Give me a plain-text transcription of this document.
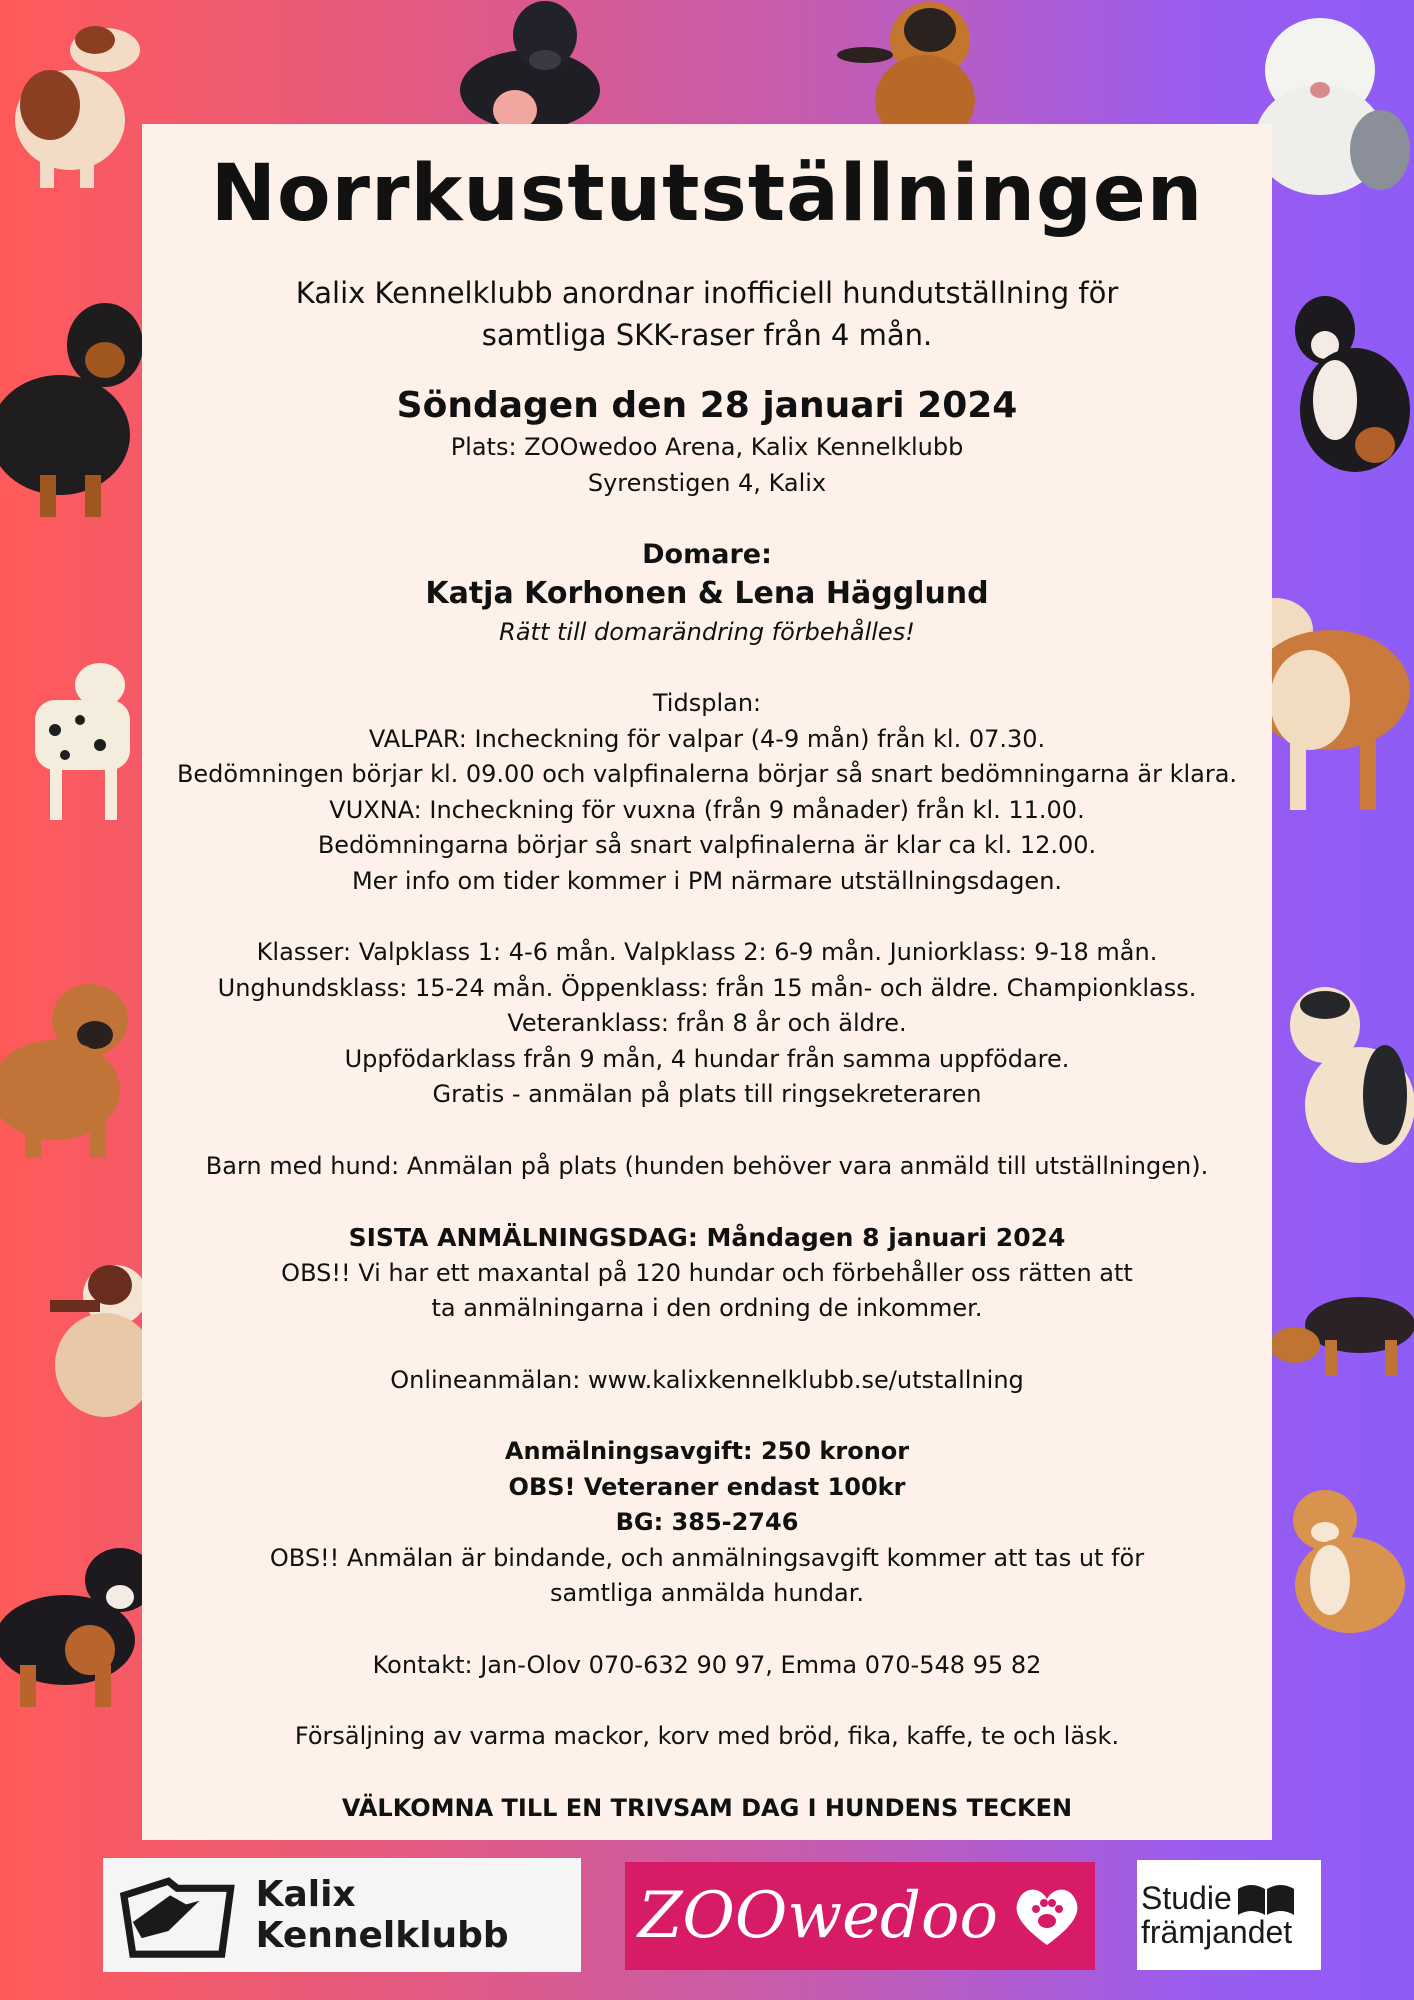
Norrkustutställningen
Kalix Kennelklubb anordnar inofficiell hundutställning för
samtliga SKK-raser från 4 mån.
Söndagen den 28 januari 2024
Plats: ZOOwedoo Arena, Kalix Kennelklubb
Syrenstigen 4, Kalix
Domare:
Katja Korhonen & Lena Hägglund
Rätt till domarändring förbehålles!
Tidsplan:
VALPAR: Incheckning för valpar (4-9 mån) från kl. 07.30.
Bedömningen börjar kl. 09.00 och valpfinalerna börjar så snart bedömningarna är klara.
VUXNA: Incheckning för vuxna (från 9 månader) från kl. 11.00.
Bedömningarna börjar så snart valpfinalerna är klar ca kl. 12.00.
Mer info om tider kommer i PM närmare utställningsdagen.
Klasser: Valpklass 1: 4-6 mån. Valpklass 2: 6-9 mån. Juniorklass: 9-18 mån.
Unghundsklass: 15-24 mån. Öppenklass: från 15 mån- och äldre. Championklass.
Veteranklass: från 8 år och äldre.
Uppfödarklass från 9 mån, 4 hundar från samma uppfödare.
Gratis - anmälan på plats till ringsekreteraren
Barn med hund: Anmälan på plats (hunden behöver vara anmäld till utställningen).
SISTA ANMÄLNINGSDAG: Måndagen 8 januari 2024
OBS!! Vi har ett maxantal på 120 hundar och förbehåller oss rätten att
ta anmälningarna i den ordning de inkommer.
Onlineanmälan: www.kalixkennelklubb.se/utstallning
Anmälningsavgift: 250 kronor
OBS! Veteraner endast 100kr
BG: 385-2746
OBS!! Anmälan är bindande, och anmälningsavgift kommer att tas ut för
samtliga anmälda hundar.
Kontakt: Jan-Olov 070-632 90 97, Emma 070-548 95 82
Försäljning av varma mackor, korv med bröd, fika, kaffe, te och läsk.
VÄLKOMNA TILL EN TRIVSAM DAG I HUNDENS TECKEN
Kalix Kennelklubb	ZOOwedoo	Studie
främjandet
